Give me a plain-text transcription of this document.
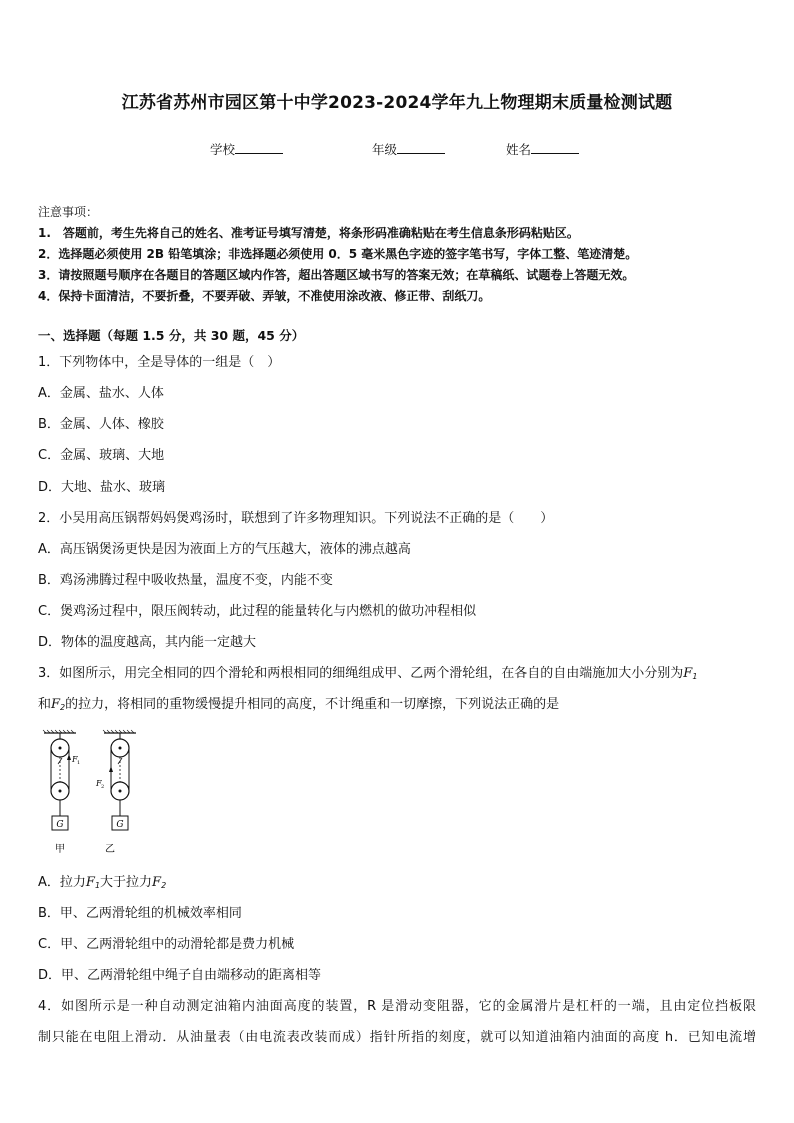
江苏省苏州市园区第十中学2023-2024学年九上物理期末质量检测试题
学校	年级	姓名
注意事项：
1.　答题前，考生先将自己的姓名、准考证号填写清楚，将条形码准确粘贴在考生信息条形码粘贴区。
2．选择题必须使用 2B 铅笔填涂；非选择题必须使用 0．5 毫米黑色字迹的签字笔书写，字体工整、笔迹清楚。
3．请按照题号顺序在各题目的答题区域内作答，超出答题区域书写的答案无效；在草稿纸、试题卷上答题无效。
4．保持卡面清洁，不要折叠，不要弄破、弄皱，不准使用涂改液、修正带、刮纸刀。
一、选择题（每题 1.5 分，共 30 题，45 分）
1．下列物体中，全是导体的一组是（　）
A．金属、盐水、人体
B．金属、人体、橡胶
C．金属、玻璃、大地
D．大地、盐水、玻璃
2．小吴用高压锅帮妈妈煲鸡汤时，联想到了许多物理知识。下列说法不正确的是（　　）
A．高压锅煲汤更快是因为液面上方的气压越大，液体的沸点越高
B．鸡汤沸腾过程中吸收热量，温度不变，内能不变
C．煲鸡汤过程中，限压阀转动，此过程的能量转化与内燃机的做功冲程相似
D．物体的温度越高，其内能一定越大
3．如图所示，用完全相同的四个滑轮和两根相同的细绳组成甲、乙两个滑轮组，在各自的自由端施加大小分别为$F_1$
和$F_2$的拉力，将相同的重物缓慢提升相同的高度，不计绳重和一切摩擦，下列说法正确的是
G
F 1
甲
G
F 2
乙
A．拉力$F_1$大于拉力$F_2$
B．甲、乙两滑轮组的机械效率相同
C．甲、乙两滑轮组中的动滑轮都是费力机械
D．甲、乙两滑轮组中绳子自由端移动的距离相等
4．如图所示是一种自动测定油箱内油面高度的装置，R 是滑动变阻器，它的金属滑片是杠杆的一端，且由定位挡板限
制只能在电阻上滑动．从油量表（由电流表改装而成）指针所指的刻度，就可以知道油箱内油面的高度 h．已知电流增
